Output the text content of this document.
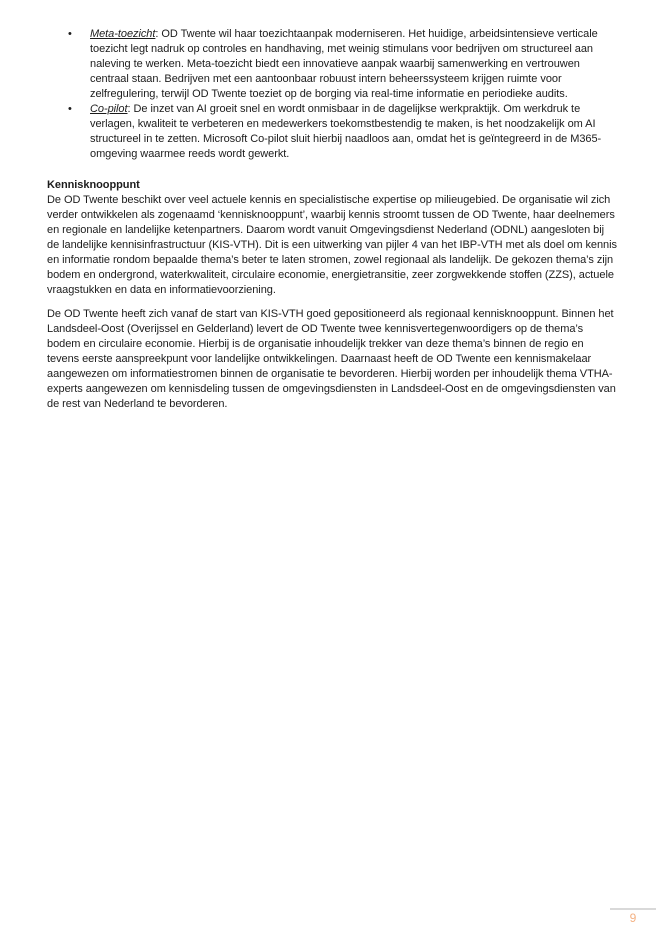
• Meta-toezicht: OD Twente wil haar toezichtaanpak moderniseren. Het huidige, arbeidsintensieve verticale toezicht legt nadruk op controles en handhaving, met weinig stimulans voor bedrijven om structureel aan naleving te werken. Meta-toezicht biedt een innovatieve aanpak waarbij samenwerking en vertrouwen centraal staan. Bedrijven met een aantoonbaar robuust intern beheerssysteem krijgen ruimte voor zelfregulering, terwijl OD Twente toeziet op de borging via real-time informatie en periodieke audits.
• Co-pilot: De inzet van AI groeit snel en wordt onmisbaar in de dagelijkse werkpraktijk. Om werkdruk te verlagen, kwaliteit te verbeteren en medewerkers toekomstbestendig te maken, is het noodzakelijk om AI structureel in te zetten. Microsoft Co-pilot sluit hierbij naadloos aan, omdat het is geïntegreerd in de M365-omgeving waarmee reeds wordt gewerkt.
Kennisknooppunt

De OD Twente beschikt over veel actuele kennis en specialistische expertise op milieugebied. De organisatie wil zich verder ontwikkelen als zogenaamd ‘kennisknooppunt’, waarbij kennis stroomt tussen de OD Twente, haar deelnemers en regionale en landelijke ketenpartners. Daarom wordt vanuit Omgevingsdienst Nederland (ODNL) aangesloten bij de landelijke kennisinfrastructuur (KIS-VTH). Dit is een uitwerking van pijler 4 van het IBP-VTH met als doel om kennis en informatie rondom bepaalde thema’s beter te laten stromen, zowel regionaal als landelijk. De gekozen thema’s zijn bodem en ondergrond, waterkwaliteit, circulaire economie, energietransitie, zeer zorgwekkende stoffen (ZZS), actuele vraagstukken en data en informatievoorziening.

De OD Twente heeft zich vanaf de start van KIS-VTH goed gepositioneerd als regionaal kennisknooppunt. Binnen het Landsdeel-Oost (Overijssel en Gelderland) levert de OD Twente twee kennisvertegenwoordigers op de thema’s bodem en circulaire economie. Hierbij is de organisatie inhoudelijk trekker van deze thema’s binnen de regio en tevens eerste aanspreekpunt voor landelijke ontwikkelingen. Daarnaast heeft de OD Twente een kennismakelaar aangewezen om informatiestromen binnen de organisatie te bevorderen. Hierbij worden per inhoudelijk thema VTHA-experts aangewezen om kennisdeling tussen de omgevingsdiensten in Landsdeel-Oost en de omgevingsdiensten van de rest van Nederland te bevorderen.

9
